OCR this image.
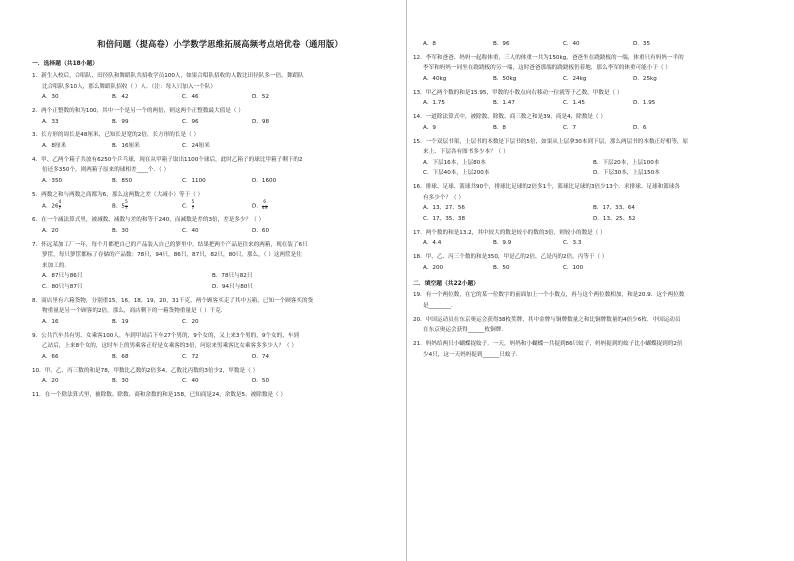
和倍问题（提高卷）小学数学思维拓展高频考点培优卷（通用版）
一．选择题（共18小题）
1．新生入校后，合唱队、田径队和舞蹈队共招收学员100人，如果合唱队招收的人数比田径队多一倍，舞蹈队
比合唱队多10人，那么舞蹈队招收（ ）人．（注：每人只加入一个队）
A．30	B．42	C．46	D．52
2．两个正整数的和为100，其中一个是另一个的两倍，则这两个正整数最大值是（ ）
A．33	B．99	C．96	D．98
3．长方形的周长是48厘米，已知长是宽的2倍，长方形的长是（ ）
A．8厘米	B．16厘米	C．24厘米
4．甲、乙两个箱子共放有6250个乒乓球，现在从甲箱子取出1100个球后，此时乙箱子的球比甲箱子剩下的2
倍还多350个，则两箱子原来的球相差____个．（ ）
A．350	B．850	C．1100	D．1600
5．两数之和与两数之商都为6，那么这两数之差（大减小）等于（ ）
A．$26 \frac{4}{7}$	B．$5 \frac{5}{7}$	C． $\frac{5}{7}$	D． $\frac{6}{49}$
6．在一个减法算式里，被减数、减数与差的和等于240，而减数是差的3倍，差是多少？（ ）
A．20	B．30	C．40	D．60
7．怀远某加工厂一年，每个月都把自己的产品装入自己的箩里中，结果把两个产品是往来的两箱，现在装了6只
箩筐，每只箩筐都标了存储的产品数：78只，94只，86只，87只，82只，80只，那么，（ ）这两筐是往
来加工的．
A．87只与86只	B．78只与82只
C．80只与87只	D．94只与80只
8．商店里有六箱货物，分别重15，16，18，19，20，31千克，两个顾客买走了其中五箱，已知一个顾客买的货
物重量是另一个顾客的2倍，那么，商店剩下的一箱货物重量是（ ）千克．
A．16	B．19	C．20
9．公共汽车共有男、女乘客100人，车到甲站后下车27个男的，9个女的，又上来3个男的，9个女的，车到
乙站后，上来8个女的，这时车上的男乘客正好是女乘客的3倍，问原来男乘客比女乘客多多少人？（ ）
A．66	B．68	C．72	D．74
10．甲、乙、丙三数的和是78，甲数比乙数的2倍多4，乙数比丙数的3倍少2，甲数是（ ）
A．20	B．30	C．40	D．50
11．在一个除法算式里，被除数、除数、商和余数的和是158，已知商是24，余数是5，被除数是（ ）
A．8	B．96	C．40	D．35
12．李军和爸爸、妈妈一起称体重，三人的体重一共为150kg，爸爸坐在跷跷板的一端，体重只有妈妈一半的
李军和妈妈一同坐在跷跷板的另一端，这时爸爸那端的跷跷板仍着地，那么李军的体重可能小于（ ）
A．40kg	B．50kg	C．24kg	D．25kg
13．甲乙两个数的和是15.95，甲数的小数点向右移动一位就等于乙数，甲数是（ ）
A．1.75	B．1.47	C．1.45	D．1.95
14．一道除法算式中，被除数、除数、商三数之和是39，商是4，除数是（ ）
A．9	B．8	C．7	D．6
15．一个双层书架，上层书的本数是下层书的5倍，如果从上层拿30本到下层，那么两层书的本数正好相等，原
来上、下层各有图书多少本？（ ）
A．下层16本，上层80本	B．下层20本，上层100本
C．下层40本，上层200本	D．下层30本，上层150本
16．排球、足球、篮球共90个，排球比足球的2倍多1个，篮球比足球的3倍少13个．求排球、足球和篮球各
有多少个？（ ）
A．13、27、56	B．17、33、64
C．17、35、38	D．13、25、52
17．两个数的和是13.2，其中较大的数是较小的数的3倍，则较小的数是（ ）
A．4.4	B．9.9	C．3.3
18．甲、乙、丙三个数的和是350，甲是乙的2倍，乙是丙的2倍，丙等于（ ）
A．200	B．50	C．100
二．填空题（共22小题）
19．有一个两位数，在它的某一位数字的前面加上一个小数点，再与这个两位数相加，和是20.9．这个两位数
是________．
20．中国运动员在东京奥运会获得38枚奖牌，其中金牌与铜牌数量之和比铜牌数量的4倍少6枚．中国运动员
在东京奥运会获得______枚铜牌．
21．妈妈给两只小蝴蝶捉蚊子．一天，妈妈和小蝴蝶一共捉到86只蚊子，妈妈捉到的蚊子比小蝴蝶捉到的2倍
少4只，这一天妈妈捉到______只蚊子．
